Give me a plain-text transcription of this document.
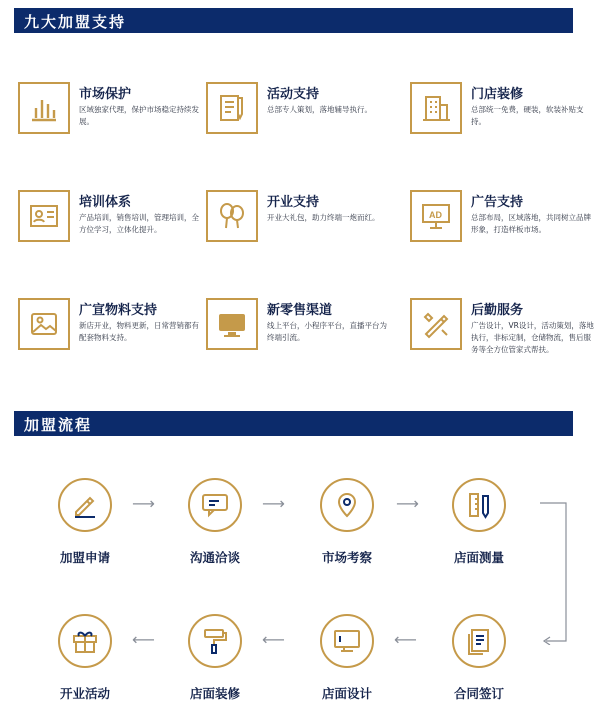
九大加盟支持
加盟流程
市场保护
区域独家代理，保护市场稳定持续发展。
活动支持
总部专人策划，落地辅导执行。
门店装修
总部统一免费，硬装，软装补贴支持。
培训体系
产品培训，销售培训，管理培训，全方位学习，立体化提升。
开业支持
开业大礼包，助力终端一炮而红。	AD
广告支持
总部布局，区域落地，共同树立品牌形象，打造样板市场。
广宣物料支持
新店开业，物料更新，日常营销都有配套物料支持。
新零售渠道
线上平台，小程序平台，直播平台为终端引流。
后勤服务
广告设计，VR设计，活动策划，落地执行，非标定制，仓储物流，售后服务等全方位管家式帮扶。
加盟申请
⟶
沟通洽谈
⟶
市场考察
⟶
店面测量
合同签订
⟵
店面设计
⟵
店面装修
⟵
开业活动
